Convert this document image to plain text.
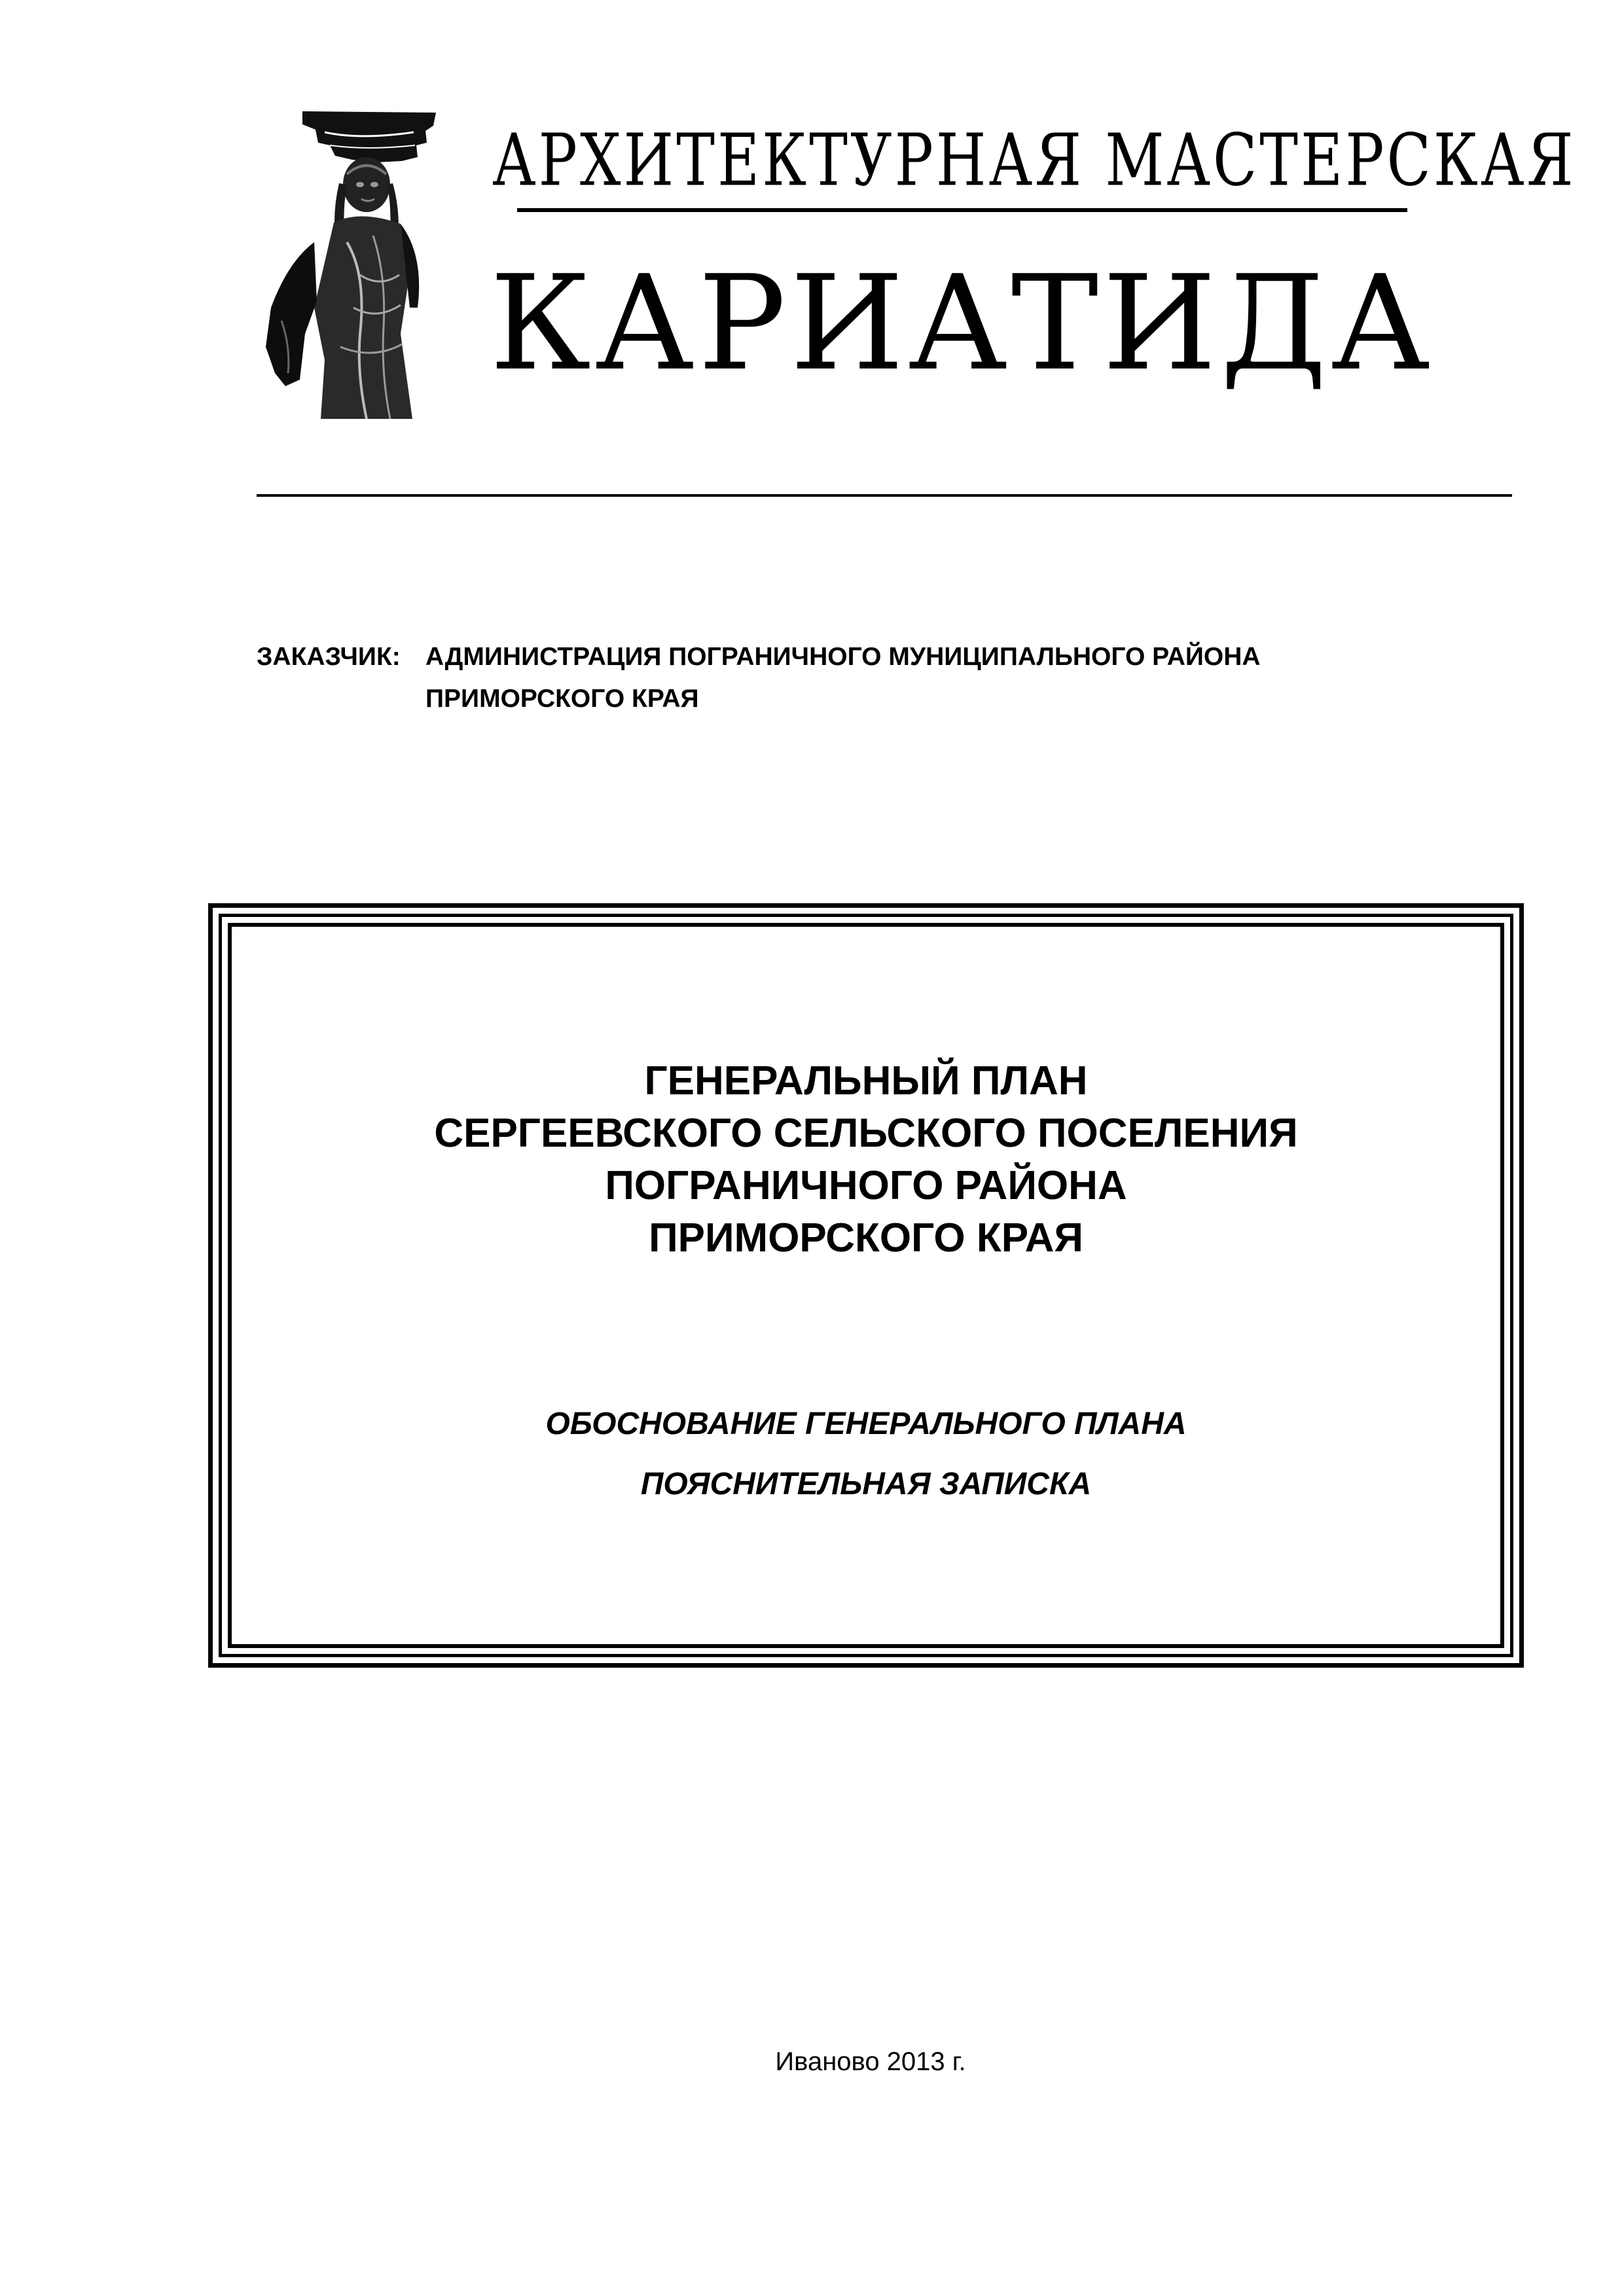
АРХИТЕКТУРНАЯ МАСТЕРСКАЯ
КАРИАТИДА
ЗАКАЗЧИК: АДМИНИСТРАЦИЯ ПОГРАНИЧНОГО МУНИЦИПАЛЬНОГО РАЙОНА
ПРИМОРСКОГО КРАЯ
ГЕНЕРАЛЬНЫЙ ПЛАН
СЕРГЕЕВСКОГО СЕЛЬСКОГО ПОСЕЛЕНИЯ
ПОГРАНИЧНОГО РАЙОНА
ПРИМОРСКОГО КРАЯ
ОБОСНОВАНИЕ ГЕНЕРАЛЬНОГО ПЛАНА
ПОЯСНИТЕЛЬНАЯ ЗАПИСКА
Иваново 2013 г.
